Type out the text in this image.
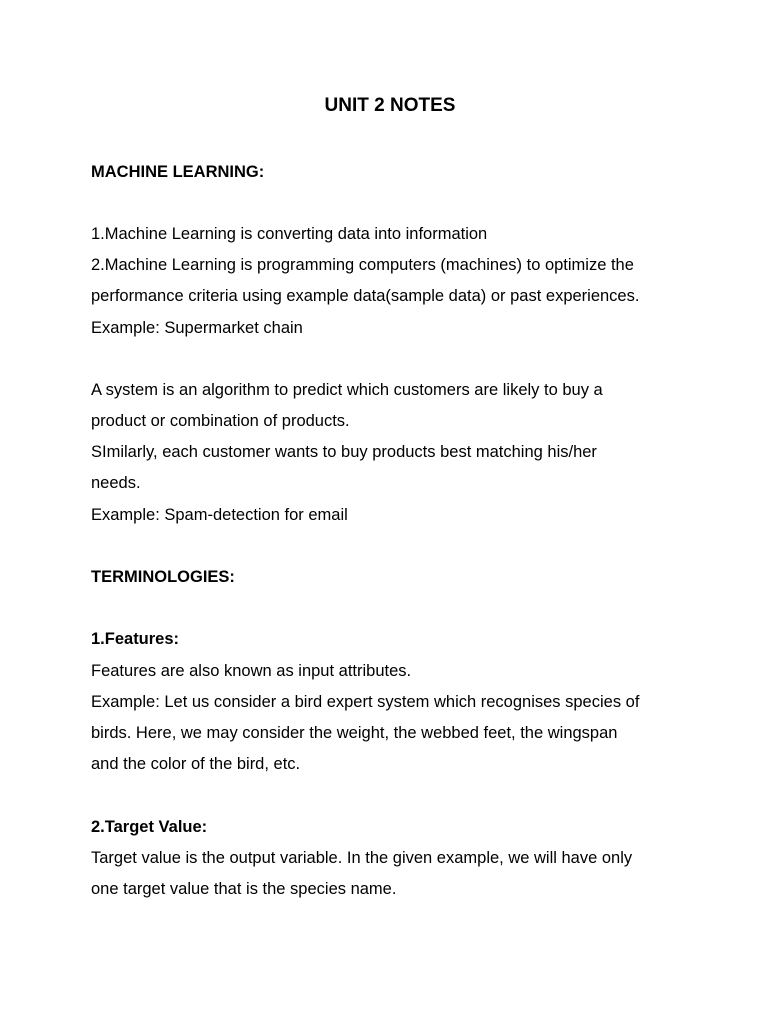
UNIT 2 NOTES

MACHINE LEARNING:

1.Machine Learning is converting data into information

2.Machine Learning is programming computers (machines) to optimize the

performance criteria using example data(sample data) or past experiences.

Example: Supermarket chain

A system is an algorithm to predict which customers are likely to buy a

product or combination of products.

SImilarly, each customer wants to buy products best matching his/her

needs.

Example: Spam-detection for email

TERMINOLOGIES:

1.Features:

Features are also known as input attributes.

Example: Let us consider a bird expert system which recognises species of

birds. Here, we may consider the weight, the webbed feet, the wingspan

and the color of the bird, etc.

2.Target Value:

Target value is the output variable. In the given example, we will have only

one target value that is the species name.
